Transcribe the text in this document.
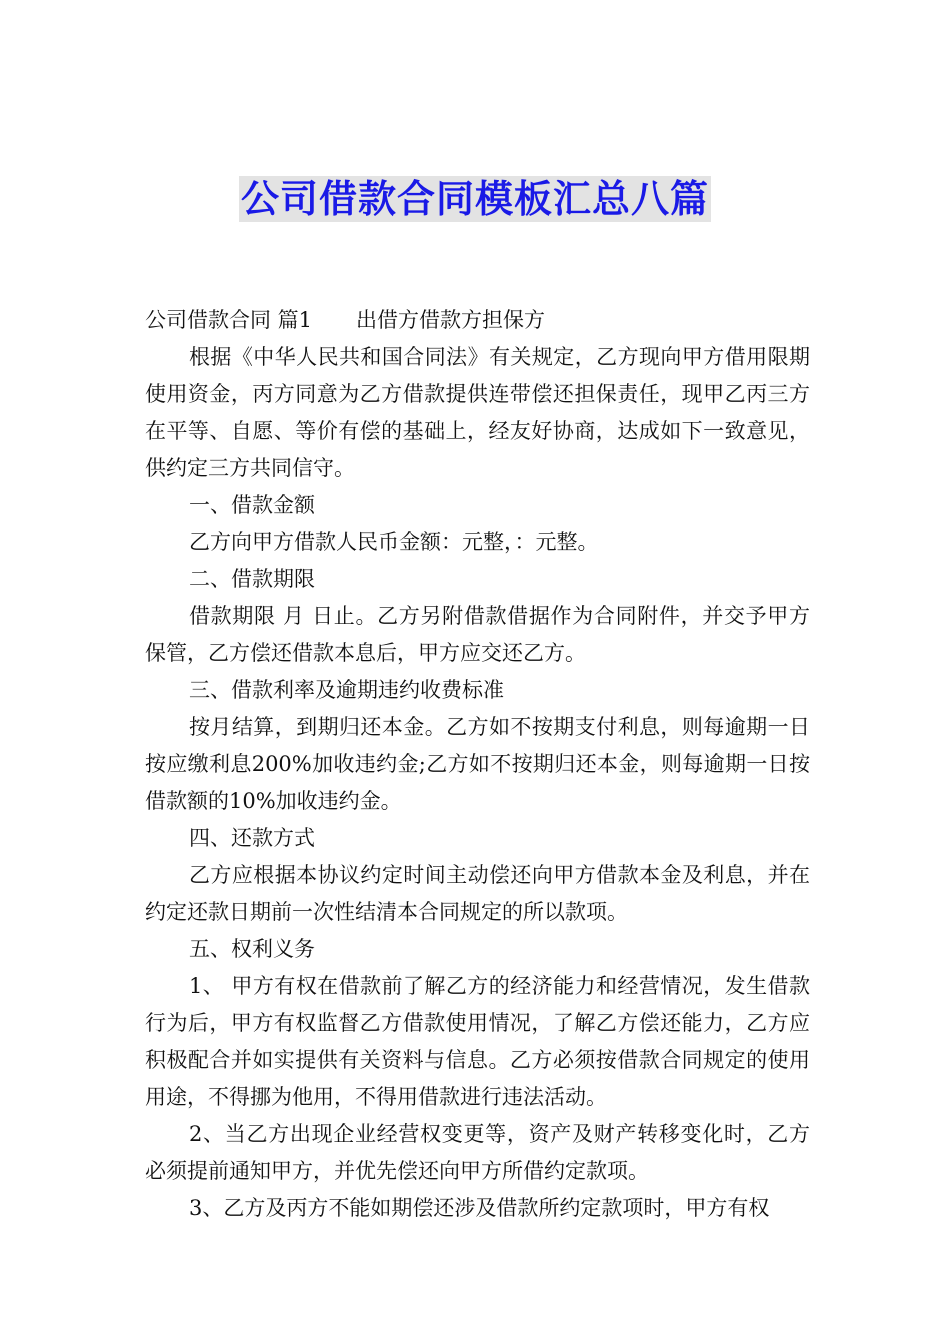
公司借款合同模板汇总八篇

公司借款合同 篇1 出借方借款方担保方

根据《中华人民共和国合同法》有关规定，乙方现向甲方借用限期使用资金，丙方同意为乙方借款提供连带偿还担保责任，现甲乙丙三方在平等、自愿、等价有偿的基础上，经友好协商，达成如下一致意见，供约定三方共同信守。

一、借款金额

乙方向甲方借款人民币金额：元整，：元整。

二、借款期限

借款期限 月 日止。乙方另附借款借据作为合同附件，并交予甲方保管，乙方偿还借款本息后，甲方应交还乙方。

三、借款利率及逾期违约收费标准

按月结算，到期归还本金。乙方如不按期支付利息，则每逾期一日按应缴利息200%加收违约金;乙方如不按期归还本金，则每逾期一日按借款额的10%加收违约金。

四、还款方式

乙方应根据本协议约定时间主动偿还向甲方借款本金及利息，并在约定还款日期前一次性结清本合同规定的所以款项。

五、权利义务

1、 甲方有权在借款前了解乙方的经济能力和经营情况，发生借款行为后，甲方有权监督乙方借款使用情况，了解乙方偿还能力，乙方应积极配合并如实提供有关资料与信息。乙方必须按借款合同规定的使用用途，不得挪为他用，不得用借款进行违法活动。

2、当乙方出现企业经营权变更等，资产及财产转移变化时，乙方必须提前通知甲方，并优先偿还向甲方所借约定款项。

3、乙方及丙方不能如期偿还涉及借款所约定款项时，甲方有权
